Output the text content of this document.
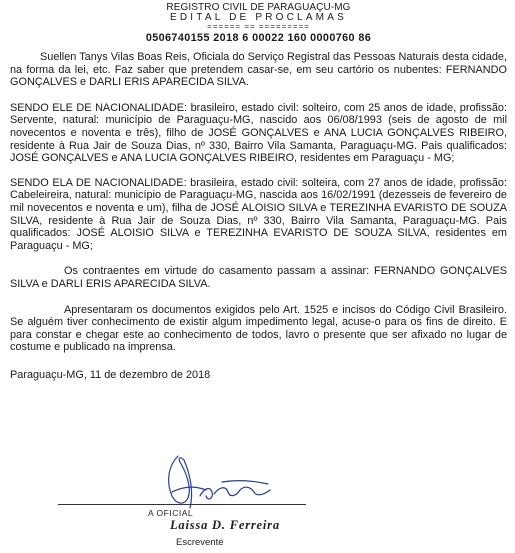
REGISTRO CIVIL DE PARAGUAÇU-MG
EDITAL DE PROCLAMAS
====== == =========
0506740155 2018 6 00022 160 0000760 86

Suellen Tanys Vilas Boas Reis, Oficiala do Serviço Registral das Pessoas Naturais desta cidade, na forma da lei, etc. Faz saber que pretendem casar-se, em seu cartório os nubentes: FERNANDO GONÇALVES e DARLI ERIS APARECIDA SILVA.

SENDO ELE DE NACIONALIDADE: brasileiro, estado civil: solteiro, com 25 anos de idade, profissão: Servente, natural: município de Paraguaçu-MG, nascido aos 06/08/1993 (seis de agosto de mil novecentos e noventa e três), filho de JOSÉ GONÇALVES e ANA LUCIA GONÇALVES RIBEIRO, residente à Rua Jair de Souza Dias, nº 330, Bairro Vila Samanta, Paraguaçu-MG. Pais qualificados: JOSÉ GONÇALVES e ANA LUCIA GONÇALVES RIBEIRO, residentes em Paraguaçu - MG;

SENDO ELA DE NACIONALIDADE: brasileira, estado civil: solteira, com 27 anos de idade, profissão: Cabeleireira, natural: município de Paraguaçu-MG, nascida aos 16/02/1991 (dezesseis de fevereiro de mil novecentos e noventa e um), filha de JOSÉ ALOISIO SILVA e TEREZINHA EVARISTO DE SOUZA SILVA, residente à Rua Jair de Souza Dias, nº 330, Bairro Vila Samanta, Paraguaçu-MG. Pais qualificados: JOSÉ ALOISIO SILVA e TEREZINHA EVARISTO DE SOUZA SILVA, residentes em Paraguaçu - MG;

Os contraentes em virtude do casamento passam a assinar: FERNANDO GONÇALVES SILVA e DARLI ERIS APARECIDA SILVA.

Apresentaram os documentos exigidos pelo Art. 1525 e incisos do Código Civil Brasileiro. Se alguém tiver conhecimento de existir algum impedimento legal, acuse-o para os fins de direito. E para constar e chegar este ao conhecimento de todos, lavro o presente que ser afixado no lugar de costume e publicado na imprensa.

Paraguaçu-MG, 11 de dezembro de 2018
A OFICIAL
Laissa D. Ferreira
Escrevente
